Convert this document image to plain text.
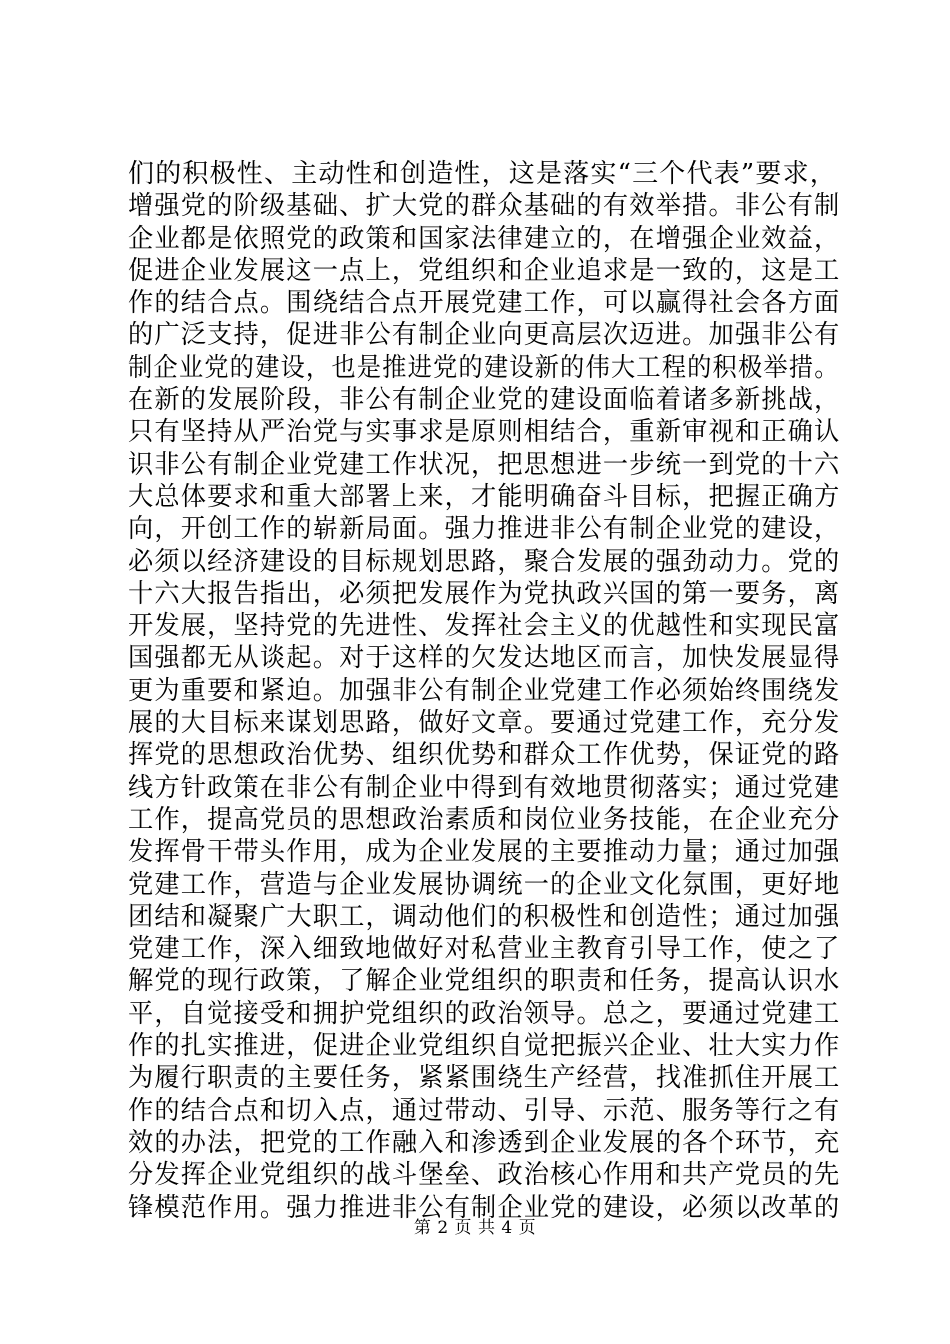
们的积极性、主动性和创造性，这是落实“三个代表”要求，
增强党的阶级基础、扩大党的群众基础的有效举措。非公有制
企业都是依照党的政策和国家法律建立的，在增强企业效益，
促进企业发展这一点上，党组织和企业追求是一致的，这是工
作的结合点。围绕结合点开展党建工作，可以赢得社会各方面
的广泛支持，促进非公有制企业向更高层次迈进。加强非公有
制企业党的建设，也是推进党的建设新的伟大工程的积极举措。
在新的发展阶段，非公有制企业党的建设面临着诸多新挑战，
只有坚持从严治党与实事求是原则相结合，重新审视和正确认
识非公有制企业党建工作状况，把思想进一步统一到党的十六
大总体要求和重大部署上来，才能明确奋斗目标，把握正确方
向，开创工作的崭新局面。强力推进非公有制企业党的建设，
必须以经济建设的目标规划思路，聚合发展的强劲动力。党的
十六大报告指出，必须把发展作为党执政兴国的第一要务，离
开发展，坚持党的先进性、发挥社会主义的优越性和实现民富
国强都无从谈起。对于这样的欠发达地区而言，加快发展显得
更为重要和紧迫。加强非公有制企业党建工作必须始终围绕发
展的大目标来谋划思路，做好文章。要通过党建工作，充分发
挥党的思想政治优势、组织优势和群众工作优势，保证党的路
线方针政策在非公有制企业中得到有效地贯彻落实；通过党建
工作，提高党员的思想政治素质和岗位业务技能，在企业充分
发挥骨干带头作用，成为企业发展的主要推动力量；通过加强
党建工作，营造与企业发展协调统一的企业文化氛围，更好地
团结和凝聚广大职工，调动他们的积极性和创造性；通过加强
党建工作，深入细致地做好对私营业主教育引导工作，使之了
解党的现行政策，了解企业党组织的职责和任务，提高认识水
平，自觉接受和拥护党组织的政治领导。总之，要通过党建工
作的扎实推进，促进企业党组织自觉把振兴企业、壮大实力作
为履行职责的主要任务，紧紧围绕生产经营，找准抓住开展工
作的结合点和切入点，通过带动、引导、示范、服务等行之有
效的办法，把党的工作融入和渗透到企业发展的各个环节，充
分发挥企业党组织的战斗堡垒、政治核心作用和共产党员的先
锋模范作用。强力推进非公有制企业党的建设，必须以改革的
第 2 页 共 4 页
